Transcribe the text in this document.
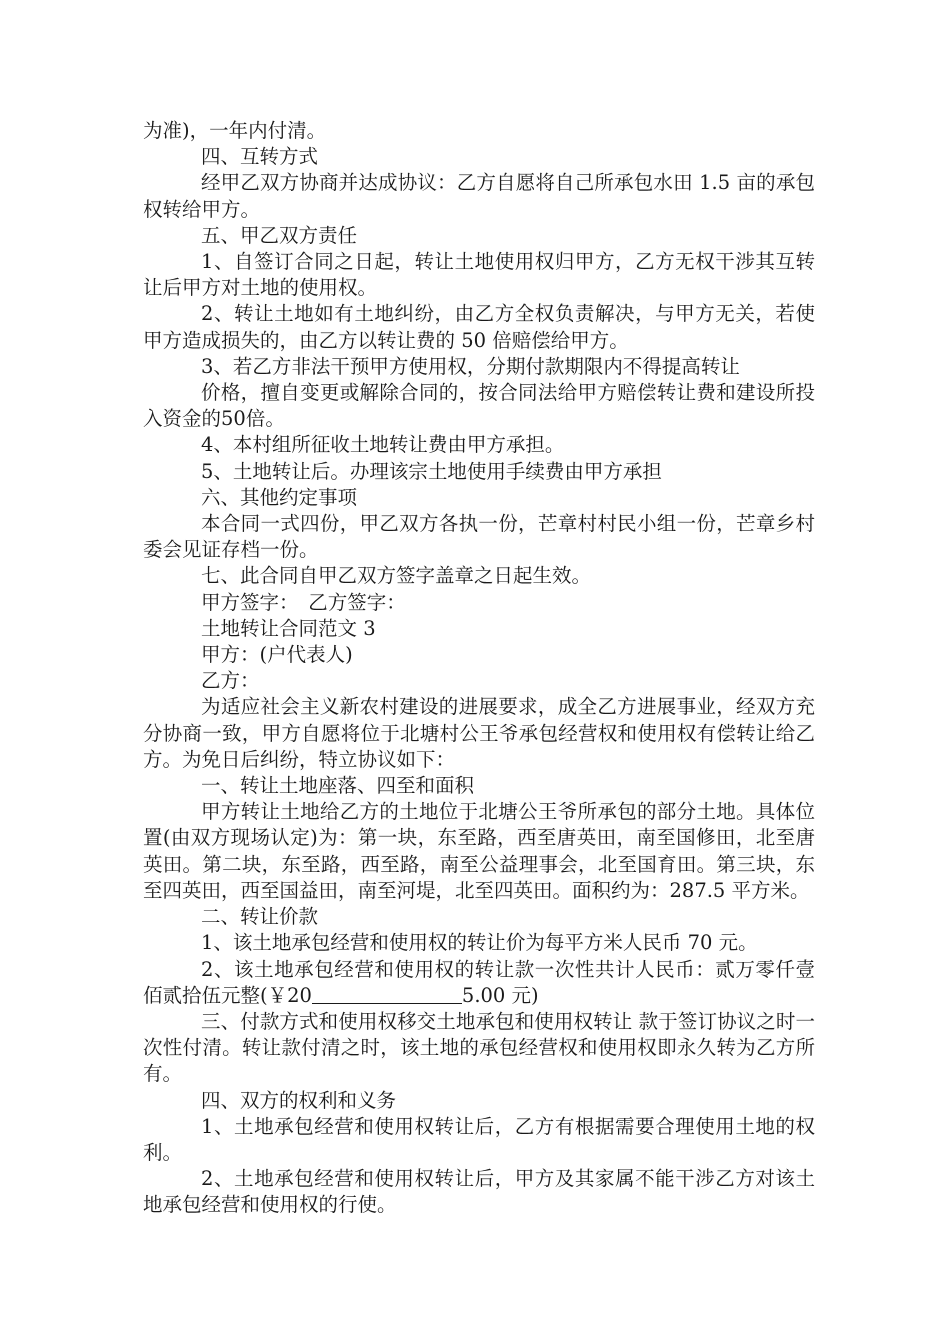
为准)，一年内付清。

四、互转方式

经甲乙双方协商并达成协议：乙方自愿将自己所承包水田 1.5 亩的承包权转给甲方。

五、甲乙双方责任

1、自签订合同之日起，转让土地使用权归甲方，乙方无权干涉其互转让后甲方对土地的使用权。

2、转让土地如有土地纠纷，由乙方全权负责解决，与甲方无关，若使甲方造成损失的，由乙方以转让费的 50 倍赔偿给甲方。

3、若乙方非法干预甲方使用权，分期付款期限内不得提高转让

价格，擅自变更或解除合同的，按合同法给甲方赔偿转让费和建设所投入资金的50倍。

4、本村组所征收土地转让费由甲方承担。

5、土地转让后。办理该宗土地使用手续费由甲方承担

六、其他约定事项

本合同一式四份，甲乙双方各执一份，芒章村村民小组一份，芒章乡村委会见证存档一份。

七、此合同自甲乙双方签字盖章之日起生效。

甲方签字：　乙方签字：

土地转让合同范文 3

甲方：(户代表人)

乙方：

为适应社会主义新农村建设的进展要求，成全乙方进展事业，经双方充分协商一致，甲方自愿将位于北塘村公王爷承包经营权和使用权有偿转让给乙方。为免日后纠纷，特立协议如下：

一、转让土地座落、四至和面积

甲方转让土地给乙方的土地位于北塘公王爷所承包的部分土地。具体位置(由双方现场认定)为：第一块，东至路，西至唐英田，南至国修田，北至唐英田。第二块，东至路，西至路，南至公益理事会，北至国育田。第三块，东至四英田，西至国益田，南至河堤，北至四英田。面积约为：287.5 平方米。

二、转让价款

1、该土地承包经营和使用权的转让价为每平方米人民币 70 元。

2、该土地承包经营和使用权的转让款一次性共计人民币：贰万零仟壹佰贰拾伍元整(￥20	5.00 元)

三、付款方式和使用权移交土地承包和使用权转让 款于签订协议之时一次性付清。转让款付清之时，该土地的承包经营权和使用权即永久转为乙方所有。

四、双方的权利和义务

1、土地承包经营和使用权转让后，乙方有根据需要合理使用土地的权利。

2、土地承包经营和使用权转让后，甲方及其家属不能干涉乙方对该土地承包经营和使用权的行使。
